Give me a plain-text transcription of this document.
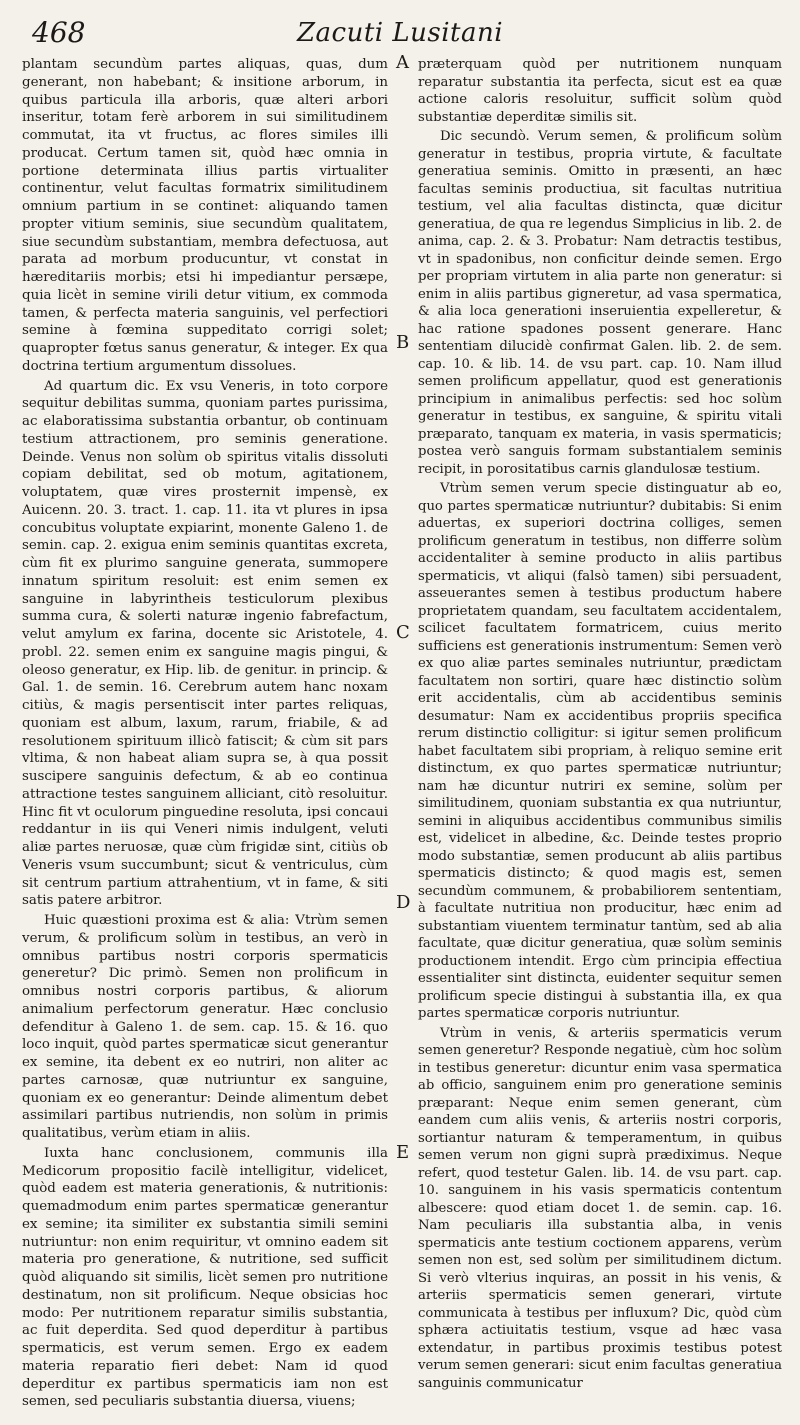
468	Zacuti Lusitani

plantam secundùm partes aliquas, quas, dum generant, non habebant; & insitione arborum, in quibus particula illa arboris, quæ alteri arbori inseritur, totam ferè arborem in sui similitudinem commutat, ita vt fructus, ac flores similes illi producat. Certum tamen sit, quòd hæc omnia in portione determinata illius partis virtualiter continentur, velut facultas formatrix similitudinem omnium partium in se continet: aliquando tamen propter vitium seminis, siue secundùm qualitatem, siue secundùm substantiam, membra defectuosa, aut parata ad morbum producuntur, vt constat in hæreditariis morbis; etsi hi impediantur persæpe, quia licèt in semine virili detur vitium, ex commoda tamen, & perfecta materia sanguinis, vel perfectiori semine à fœmina suppeditato corrigi solet; quapropter fœtus sanus generatur, & integer. Ex qua doctrina tertium argumentum dissolues.

Ad quartum dic. Ex vsu Veneris, in toto corpore sequitur debilitas summa, quoniam partes purissima, ac elaboratissima substantia orbantur, ob continuam testium attractionem, pro seminis generatione. Deinde. Venus non solùm ob spiritus vitalis dissoluti copiam debilitat, sed ob motum, agitationem, voluptatem, quæ vires prosternit impensè, ex Auicenn. 20. 3. tract. 1. cap. 11. ita vt plures in ipsa concubitus voluptate expiarint, monente Galeno 1. de semin. cap. 2. exigua enim seminis quantitas excreta, cùm fit ex plurimo sanguine generata, summopere innatum spiritum resoluit: est enim semen ex sanguine in labyrintheis testiculorum plexibus summa cura, & solerti naturæ ingenio fabrefactum, velut amylum ex farina, docente sic Aristotele, 4. probl. 22. semen enim ex sanguine magis pingui, & oleoso generatur, ex Hip. lib. de genitur. in princip. & Gal. 1. de semin. 16. Cerebrum autem hanc noxam citiùs, & magis persentiscit inter partes reliquas, quoniam est album, laxum, rarum, friabile, & ad resolutionem spirituum illicò fatiscit; & cùm sit pars vltima, & non habeat aliam supra se, à qua possit suscipere sanguinis defectum, & ab eo continua attractione testes sanguinem alliciant, citò resoluitur. Hinc fit vt oculorum pinguedine resoluta, ipsi concaui reddantur in iis qui Veneri nimis indulgent, veluti aliæ partes neruosæ, quæ cùm frigidæ sint, citiùs ob Veneris vsum succumbunt; sicut & ventriculus, cùm sit centrum partium attrahentium, vt in fame, & siti satis patere arbitror.

Huic quæstioni proxima est & alia: Vtrùm semen verum, & prolificum solùm in testibus, an verò in omnibus partibus nostri corporis spermaticis generetur? Dic primò. Semen non prolificum in omnibus nostri corporis partibus, & aliorum animalium perfectorum generatur. Hæc conclusio defenditur à Galeno 1. de sem. cap. 15. & 16. quo loco inquit, quòd partes spermaticæ sicut generantur ex semine, ita debent ex eo nutriri, non aliter ac partes carnosæ, quæ nutriuntur ex sanguine, quoniam ex eo generantur: Deinde alimentum debet assimilari partibus nutriendis, non solùm in primis qualitatibus, verùm etiam in aliis.

Iuxta hanc conclusionem, communis illa Medicorum propositio facilè intelligitur, videlicet, quòd eadem est materia generationis, & nutritionis: quemadmodum enim partes spermaticæ generantur ex semine; ita similiter ex substantia simili semini nutriuntur: non enim requiritur, vt omnino eadem sit materia pro generatione, & nutritione, sed sufficit quòd aliquando sit similis, licèt semen pro nutritione destinatum, non sit prolificum. Neque obsicias hoc modo: Per nutritionem reparatur similis substantia, ac fuit deperdita. Sed quod deperditur à partibus spermaticis, est verum semen. Ergo ex eadem materia reparatio fieri debet: Nam id quod deperditur ex partibus spermaticis iam non est semen, sed peculiaris substantia diuersa, viuens;

A
B
C
D
E

præterquam quòd per nutritionem nunquam reparatur substantia ita perfecta, sicut est ea quæ actione caloris resoluitur, sufficit solùm quòd substantiæ deperditæ similis sit.

Dic secundò. Verum semen, & prolificum solùm generatur in testibus, propria virtute, & facultate generatiua seminis. Omitto in præsenti, an hæc facultas seminis productiua, sit facultas nutritiua testium, vel alia facultas distincta, quæ dicitur generatiua, de qua re legendus Simplicius in lib. 2. de anima, cap. 2. & 3. Probatur: Nam detractis testibus, vt in spadonibus, non conficitur deinde semen. Ergo per propriam virtutem in alia parte non generatur: si enim in aliis partibus gigneretur, ad vasa spermatica, & alia loca generationi inseruientia expelleretur, & hac ratione spadones possent generare. Hanc sententiam dilucidè confirmat Galen. lib. 2. de sem. cap. 10. & lib. 14. de vsu part. cap. 10. Nam illud semen prolificum appellatur, quod est generationis principium in animalibus perfectis: sed hoc solùm generatur in testibus, ex sanguine, & spiritu vitali præparato, tanquam ex materia, in vasis spermaticis; postea verò sanguis formam substantialem seminis recipit, in porositatibus carnis glandulosæ testium.

Vtrùm semen verum specie distinguatur ab eo, quo partes spermaticæ nutriuntur? dubitabis: Si enim aduertas, ex superiori doctrina colliges, semen prolificum generatum in testibus, non differre solùm accidentaliter à semine producto in aliis partibus spermaticis, vt aliqui (falsò tamen) sibi persuadent, asseuerantes semen à testibus productum habere proprietatem quandam, seu facultatem accidentalem, scilicet facultatem formatricem, cuius merito sufficiens est generationis instrumentum: Semen verò ex quo aliæ partes seminales nutriuntur, prædictam facultatem non sortiri, quare hæc distinctio solùm erit accidentalis, cùm ab accidentibus seminis desumatur: Nam ex accidentibus propriis specifica rerum distinctio colligitur: si igitur semen prolificum habet facultatem sibi propriam, à reliquo semine erit distinctum, ex quo partes spermaticæ nutriuntur; nam hæ dicuntur nutriri ex semine, solùm per similitudinem, quoniam substantia ex qua nutriuntur, semini in aliquibus accidentibus communibus similis est, videlicet in albedine, &c. Deinde testes proprio modo substantiæ, semen producunt ab aliis partibus spermaticis distincto; & quod magis est, semen secundùm communem, & probabiliorem sententiam, à facultate nutritiua non producitur, hæc enim ad substantiam viuentem terminatur tantùm, sed ab alia facultate, quæ dicitur generatiua, quæ solùm seminis productionem intendit. Ergo cùm principia effectiua essentialiter sint distincta, euidenter sequitur semen prolificum specie distingui à substantia illa, ex qua partes spermaticæ corporis nutriuntur.

Vtrùm in venis, & arteriis spermaticis verum semen generetur? Responde negatiuè, cùm hoc solùm in testibus generetur: dicuntur enim vasa spermatica ab officio, sanguinem enim pro generatione seminis præparant: Neque enim semen generant, cùm eandem cum aliis venis, & arteriis nostri corporis, sortiantur naturam & temperamentum, in quibus semen verum non gigni suprà prædiximus. Neque refert, quod testetur Galen. lib. 14. de vsu part. cap. 10. sanguinem in his vasis spermaticis contentum albescere: quod etiam docet 1. de semin. cap. 16. Nam peculiaris illa substantia alba, in venis spermaticis ante testium coctionem apparens, verùm semen non est, sed solùm per similitudinem dictum. Si verò vlterius inquiras, an possit in his venis, & arteriis spermaticis semen generari, virtute communicata à testibus per influxum? Dic, quòd cùm sphæra actiuitatis testium, vsque ad hæc vasa extendatur, in partibus proximis testibus potest verum semen generari: sicut enim facultas generatiua sanguinis communicatur
